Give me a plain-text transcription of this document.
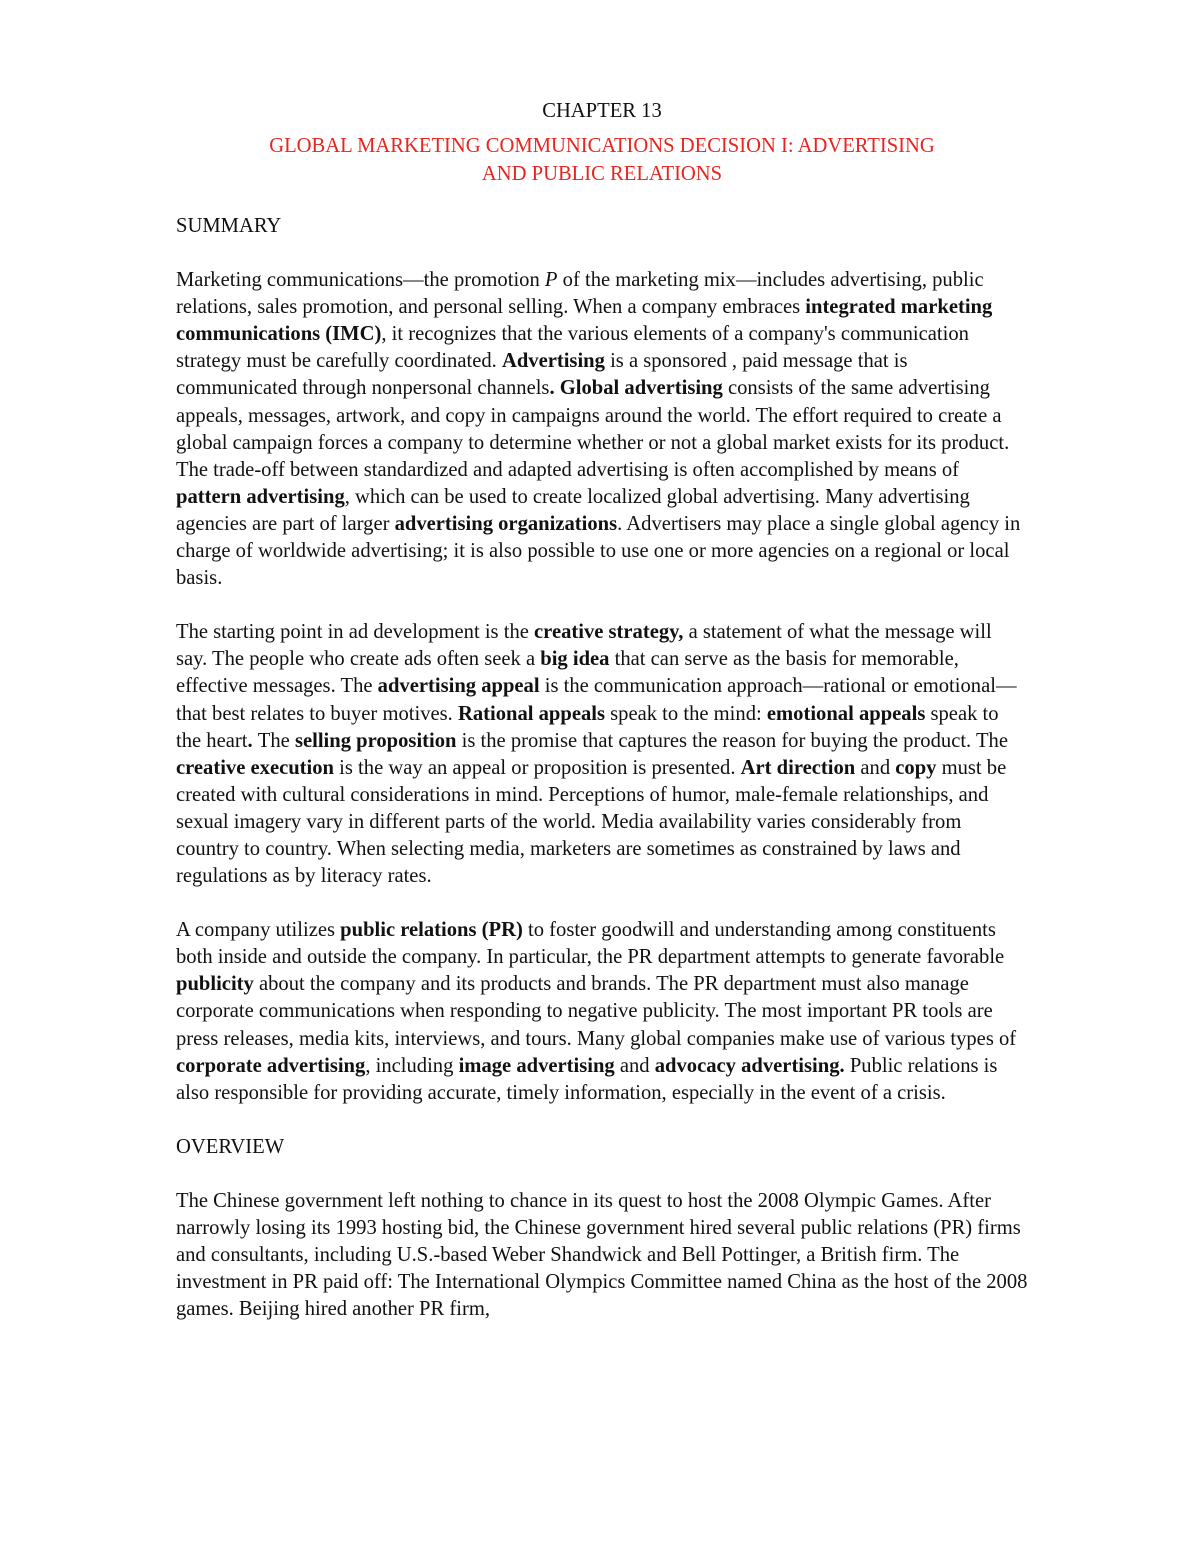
CHAPTER 13
GLOBAL MARKETING COMMUNICATIONS DECISION I: ADVERTISING
AND PUBLIC RELATIONS
SUMMARY

Marketing communications—the promotion P of the marketing mix—includes advertising, public relations, sales promotion, and personal selling. When a company embraces integrated marketing communications (IMC), it recognizes that the various elements of a company's communication strategy must be carefully coordinated. Advertising is a sponsored , paid message that is communicated through nonpersonal channels. Global advertising consists of the same advertising appeals, messages, artwork, and copy in campaigns around the world. The effort required to create a global campaign forces a company to determine whether or not a global market exists for its product. The trade-off between standardized and adapted advertising is often accomplished by means of pattern advertising, which can be used to create localized global advertising. Many advertising agencies are part of larger advertising organizations. Advertisers may place a single global agency in charge of worldwide advertising; it is also possible to use one or more agencies on a regional or local basis.

The starting point in ad development is the creative strategy, a statement of what the message will say. The people who create ads often seek a big idea that can serve as the basis for memorable, effective messages. The advertising appeal is the communication approach—rational or emotional—that best relates to buyer motives. Rational appeals speak to the mind: emotional appeals speak to the heart. The selling proposition is the promise that captures the reason for buying the product. The creative execution is the way an appeal or proposition is presented. Art direction and copy must be created with cultural considerations in mind. Perceptions of humor, male-female relationships, and sexual imagery vary in different parts of the world. Media availability varies considerably from country to country. When selecting media, marketers are sometimes as constrained by laws and regulations as by literacy rates.

A company utilizes public relations (PR) to foster goodwill and understanding among constituents both inside and outside the company. In particular, the PR department attempts to generate favorable publicity about the company and its products and brands. The PR department must also manage corporate communications when responding to negative publicity. The most important PR tools are press releases, media kits, interviews, and tours. Many global companies make use of various types of corporate advertising, including image advertising and advocacy advertising. Public relations is also responsible for providing accurate, timely information, especially in the event of a crisis.

OVERVIEW

The Chinese government left nothing to chance in its quest to host the 2008 Olympic Games. After narrowly losing its 1993 hosting bid, the Chinese government hired several public relations (PR) firms and consultants, including U.S.-based Weber Shandwick and Bell Pottinger, a British firm. The investment in PR paid off: The International Olympics Committee named China as the host of the 2008 games. Beijing hired another PR firm,
